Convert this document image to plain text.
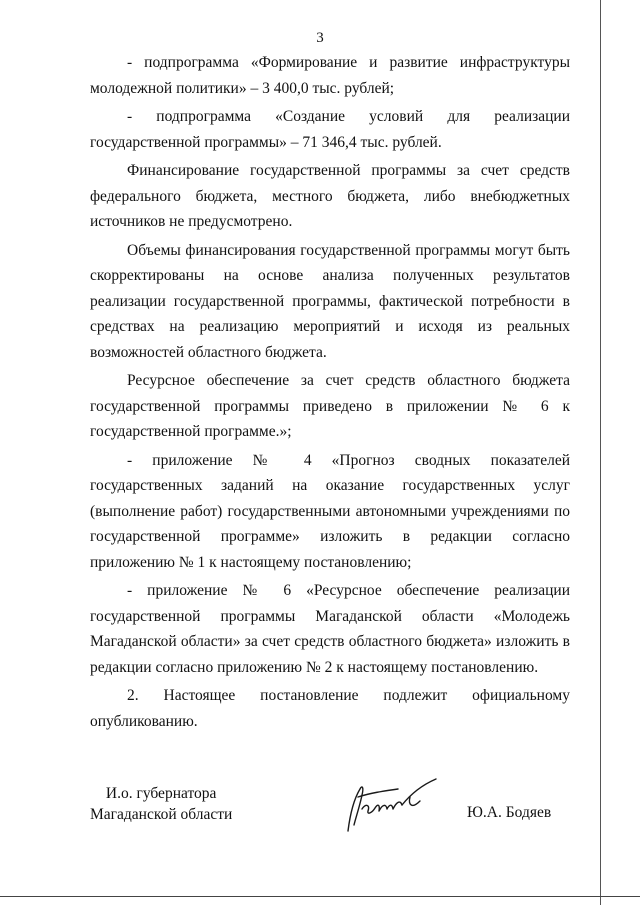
3

- подпрограмма «Формирование и развитие инфраструктуры молодежной политики» – 3 400,0 тыс. рублей;

- подпрограмма «Создание условий для реализации государственной программы» – 71 346,4 тыс. рублей.

Финансирование государственной программы за счет средств федерального бюджета, местного бюджета, либо внебюджетных источников не предусмотрено.

Объемы финансирования государственной программы могут быть скорректированы на основе анализа полученных результатов реализации государственной программы, фактической потребности в средствах на реализацию мероприятий и исходя из реальных возможностей областного бюджета.

Ресурсное обеспечение за счет средств областного бюджета государственной программы приведено в приложении № 6 к государственной программе.»;

- приложение № 4 «Прогноз сводных показателей государственных заданий на оказание государственных услуг (выполнение работ) государственными автономными учреждениями по государственной программе» изложить в редакции согласно приложению № 1 к настоящему постановлению;

- приложение № 6 «Ресурсное обеспечение реализации государственной программы Магаданской области «Молодежь Магаданской области» за счет средств областного бюджета» изложить в редакции согласно приложению № 2 к настоящему постановлению.

2. Настоящее постановление подлежит официальному опубликованию.

И.о. губернатора
Магаданской области	Ю.А. Бодяев
